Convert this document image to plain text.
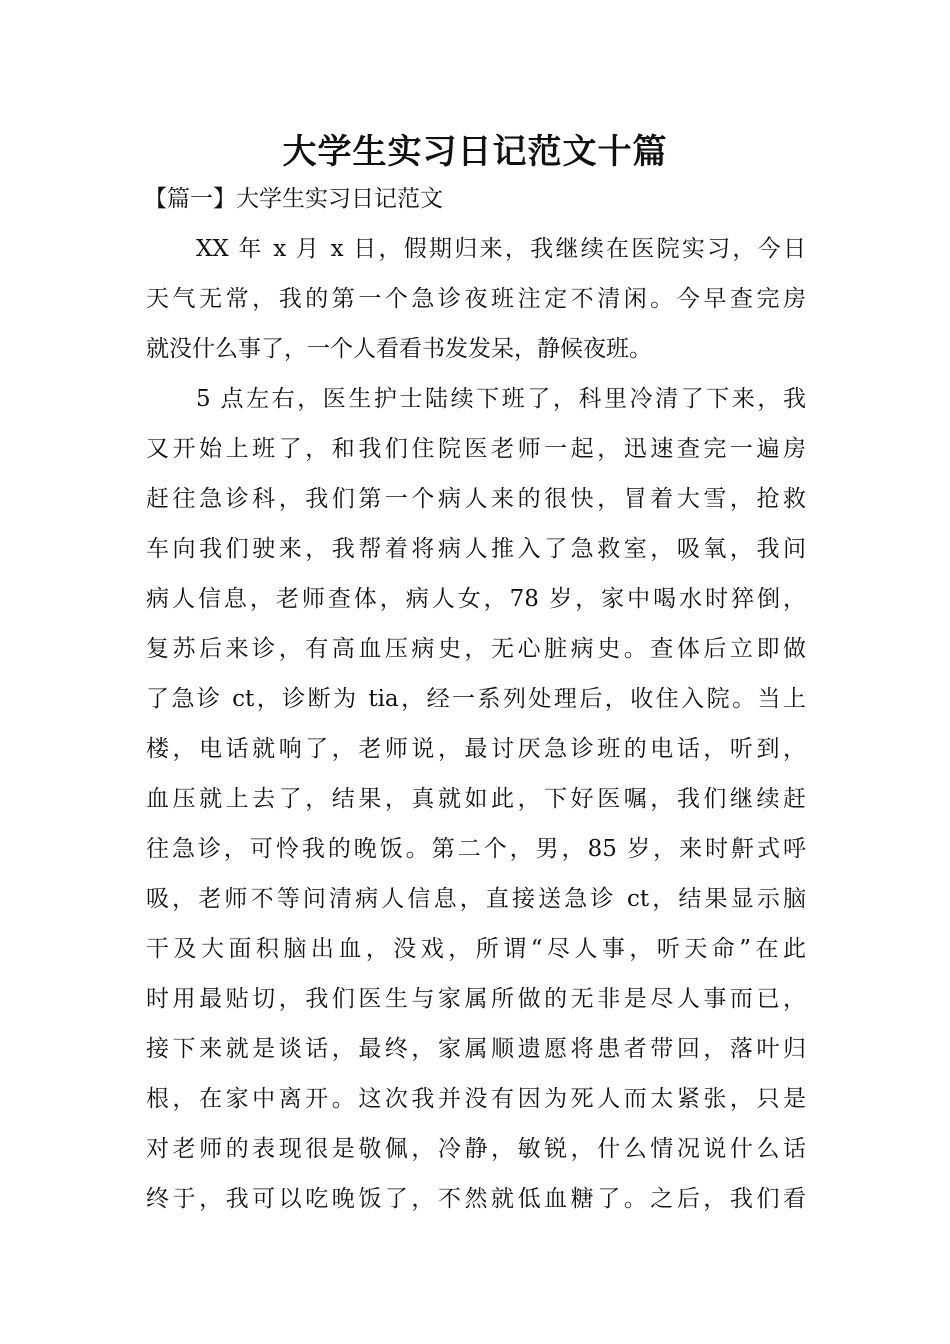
大学生实习日记范文十篇
【篇一】大学生实习日记范文
XX 年 x 月 x 日，假期归来，我继续在医院实习，今日
天气无常，我的第一个急诊夜班注定不清闲。今早查完房
就没什么事了，一个人看看书发发呆，静候夜班。
5 点左右，医生护士陆续下班了，科里冷清了下来，我
又开始上班了，和我们住院医老师一起，迅速查完一遍房
赶往急诊科，我们第一个病人来的很快，冒着大雪，抢救
车向我们驶来，我帮着将病人推入了急救室，吸氧，我问
病人信息，老师查体，病人女，78 岁，家中喝水时猝倒，
复苏后来诊，有高血压病史，无心脏病史。查体后立即做
了急诊 ct，诊断为 tia，经一系列处理后，收住入院。当上
楼，电话就响了，老师说，最讨厌急诊班的电话，听到，
血压就上去了，结果，真就如此，下好医嘱，我们继续赶
往急诊，可怜我的晚饭。第二个，男，85 岁，来时鼾式呼
吸，老师不等问清病人信息，直接送急诊 ct，结果显示脑
干及大面积脑出血，没戏，所谓“尽人事，听天命”在此
时用最贴切，我们医生与家属所做的无非是尽人事而已，
接下来就是谈话，最终，家属顺遗愿将患者带回，落叶归
根，在家中离开。这次我并没有因为死人而太紧张，只是
对老师的表现很是敬佩，冷静，敏锐，什么情况说什么话
终于，我可以吃晚饭了，不然就低血糖了。之后，我们看
